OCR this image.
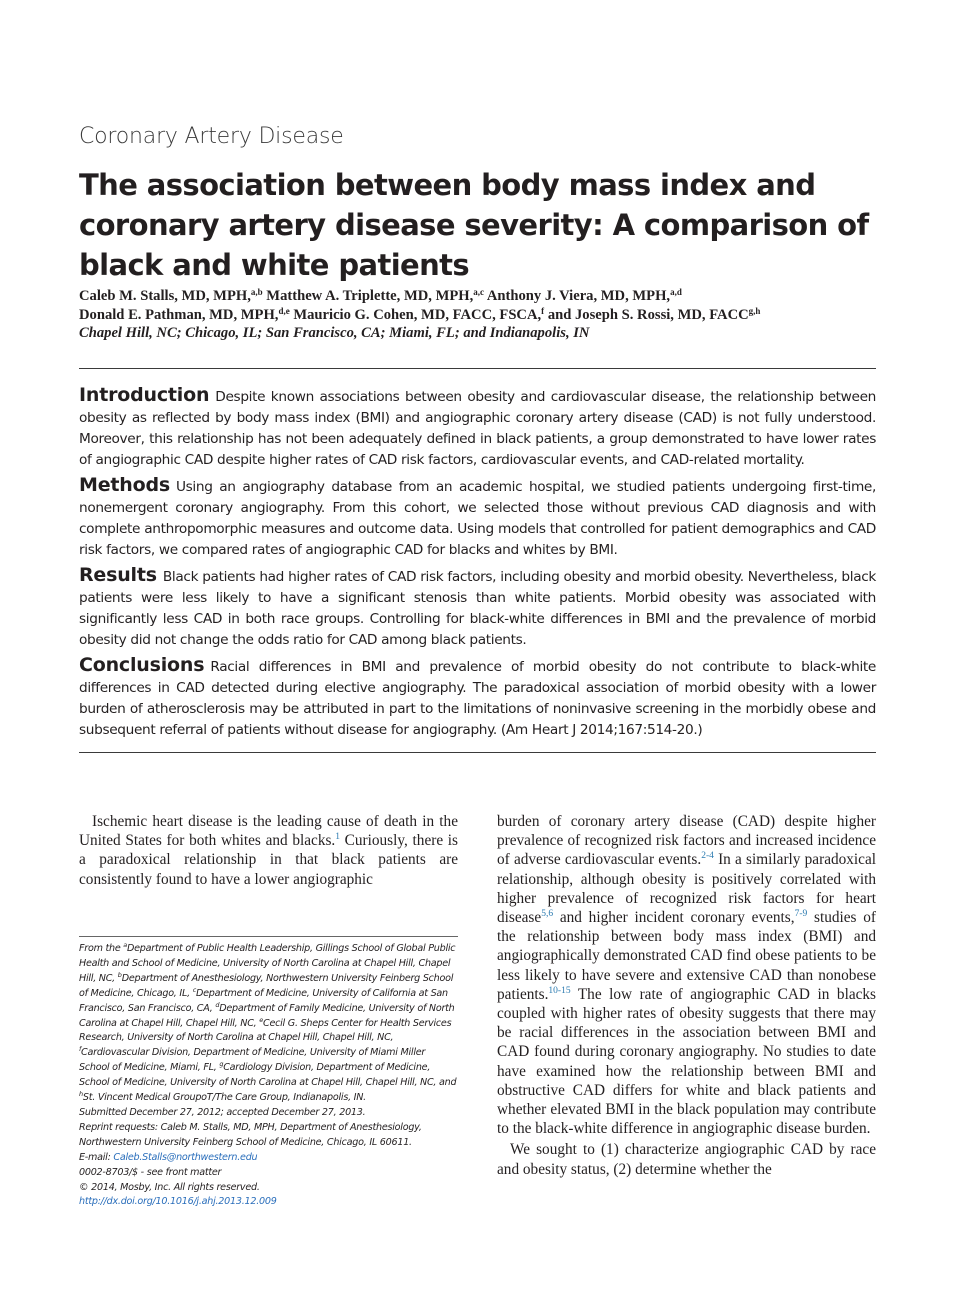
Coronary Artery Disease
The association between body mass index and coronary artery disease severity: A comparison of black and white patients
Caleb M. Stalls, MD, MPH,$^{a,b}$ Matthew A. Triplette, MD, MPH,$^{a,c}$ Anthony J. Viera, MD, MPH,$^{a,d}$
Donald E. Pathman, MD, MPH,$^{d,e}$ Mauricio G. Cohen, MD, FACC, FSCA,$^f$ and Joseph S. Rossi, MD, FACC$^{g,h}$
Chapel Hill, NC; Chicago, IL; San Francisco, CA; Miami, FL; and Indianapolis, IN

Introduction Despite known associations between obesity and cardiovascular disease, the relationship between obesity as reflected by body mass index (BMI) and angiographic coronary artery disease (CAD) is not fully understood. Moreover, this relationship has not been adequately defined in black patients, a group demonstrated to have lower rates of angiographic CAD despite higher rates of CAD risk factors, cardiovascular events, and CAD-related mortality.

Methods Using an angiography database from an academic hospital, we studied patients undergoing first-time, nonemergent coronary angiography. From this cohort, we selected those without previous CAD diagnosis and with complete anthropomorphic measures and outcome data. Using models that controlled for patient demographics and CAD risk factors, we compared rates of angiographic CAD for blacks and whites by BMI.

Results Black patients had higher rates of CAD risk factors, including obesity and morbid obesity. Nevertheless, black patients were less likely to have a significant stenosis than white patients. Morbid obesity was associated with significantly less CAD in both race groups. Controlling for black-white differences in BMI and the prevalence of morbid obesity did not change the odds ratio for CAD among black patients.

Conclusions Racial differences in BMI and prevalence of morbid obesity do not contribute to black-white differences in CAD detected during elective angiography. The paradoxical association of morbid obesity with a lower burden of atherosclerosis may be attributed in part to the limitations of noninvasive screening in the morbidly obese and subsequent referral of patients without disease for angiography. (Am Heart J 2014;167:514-20.)

Ischemic heart disease is the leading cause of death in the United States for both whites and blacks.$^1$ Curiously, there is a paradoxical relationship in that black patients are consistently found to have a lower angiographic

burden of coronary artery disease (CAD) despite higher prevalence of recognized risk factors and increased incidence of adverse cardiovascular events.$^{2-4}$ In a similarly paradoxical relationship, although obesity is positively correlated with higher prevalence of recognized risk factors for heart disease$^{5,6}$ and higher incident coronary events,$^{7-9}$ studies of the relationship between body mass index (BMI) and angiographically demonstrated CAD find obese patients to be less likely to have severe and extensive CAD than nonobese patients.$^{10-15}$ The low rate of angiographic CAD in blacks coupled with higher rates of obesity suggests that there may be racial differences in the association between BMI and CAD found during coronary angiography. No studies to date have examined how the relationship between BMI and obstructive CAD differs for white and black patients and whether elevated BMI in the black population may contribute to the black-white difference in angiographic disease burden.

We sought to (1) characterize angiographic CAD by race and obesity status, (2) determine whether the

From the $^a$Department of Public Health Leadership, Gillings School of Global Public Health and School of Medicine, University of North Carolina at Chapel Hill, Chapel Hill, NC, $^b$Department of Anesthesiology, Northwestern University Feinberg School of Medicine, Chicago, IL, $^c$Department of Medicine, University of California at San Francisco, San Francisco, CA, $^d$Department of Family Medicine, University of North Carolina at Chapel Hill, Chapel Hill, NC, $^e$Cecil G. Sheps Center for Health Services Research, University of North Carolina at Chapel Hill, Chapel Hill, NC, $^f$Cardiovascular Division, Department of Medicine, University of Miami Miller School of Medicine, Miami, FL, $^g$Cardiology Division, Department of Medicine, School of Medicine, University of North Carolina at Chapel Hill, Chapel Hill, NC, and $^h$St. Vincent Medical GroupoT/The Care Group, Indianapolis, IN.

Submitted December 27, 2012; accepted December 27, 2013.

Reprint requests: Caleb M. Stalls, MD, MPH, Department of Anesthesiology, Northwestern University Feinberg School of Medicine, Chicago, IL 60611.

E-mail: Caleb.Stalls@northwestern.edu

0002-8703/$ - see front matter

© 2014, Mosby, Inc. All rights reserved.

http://dx.doi.org/10.1016/j.ahj.2013.12.009
